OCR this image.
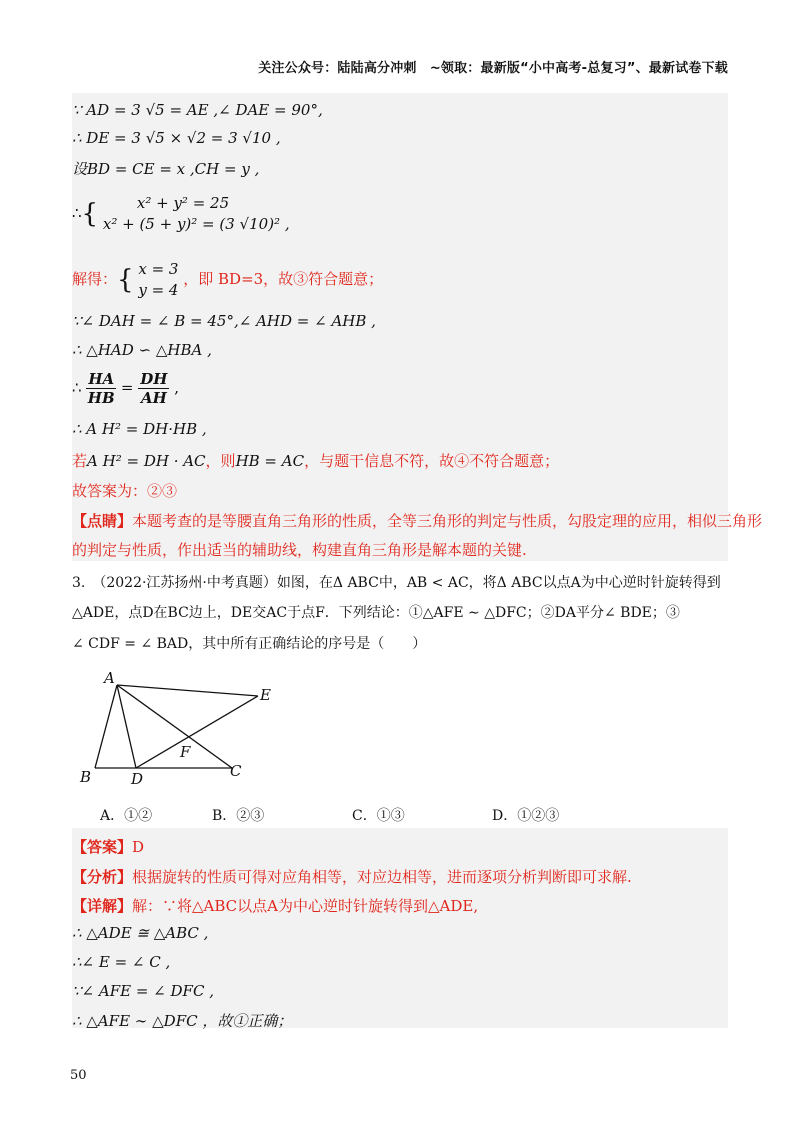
关注公众号：陆陆高分冲刺　~领取：最新版“小中高考-总复习”、最新试卷下载
∵ AD = 3 √5 = AE ,∠ DAE = 90°,
∴ DE = 3 √5 × √2 = 3 √10 ,
设BD = CE = x ,CH = y ,
∴{	x² + y² = 25
x² + (5 + y)² = (3 √10)² ,
解得：{ x = 3
y = 4
，即 BD=3，故③符合题意；
∵∠ DAH = ∠ B = 45°,∠ AHD = ∠ AHB ,
∴ △HAD ∽ △HBA ,
∴ $\frac{HA}{HB} = \frac{DH}{AH}$ ,
∴ A H² = DH·HB ,
若A H² = DH · AC，则HB = AC，与题干信息不符，故④不符合题意；
故答案为：②③
【点睛】本题考查的是等腰直角三角形的性质，全等三角形的判定与性质，勾股定理的应用，相似三角形
的判定与性质，作出适当的辅助线，构建直角三角形是解本题的关键.
3.　（2022·江苏扬州·中考真题）如图，在Δ ABC中，AB < AC，将Δ ABC以点A为中心逆时针旋转得到
△ADE，点D在BC边上，DE交AC于点F．下列结论：①△AFE ∼ △DFC；②DA平分∠ BDE；③
∠ CDF = ∠ BAD，其中所有正确结论的序号是（　　）
A
B	D	C
E
F
A．①②	B．②③	C．①③	D．①②③
【答案】D
【分析】根据旋转的性质可得对应角相等，对应边相等，进而逐项分析判断即可求解.
【详解】解：∵将△ABC以点A为中心逆时针旋转得到△ADE,
∴ △ADE ≅ △ABC ,
∴∠ E = ∠ C ,
∵∠ AFE = ∠ DFC ,
∴ △AFE ∼ △DFC ，故①正确；
50
